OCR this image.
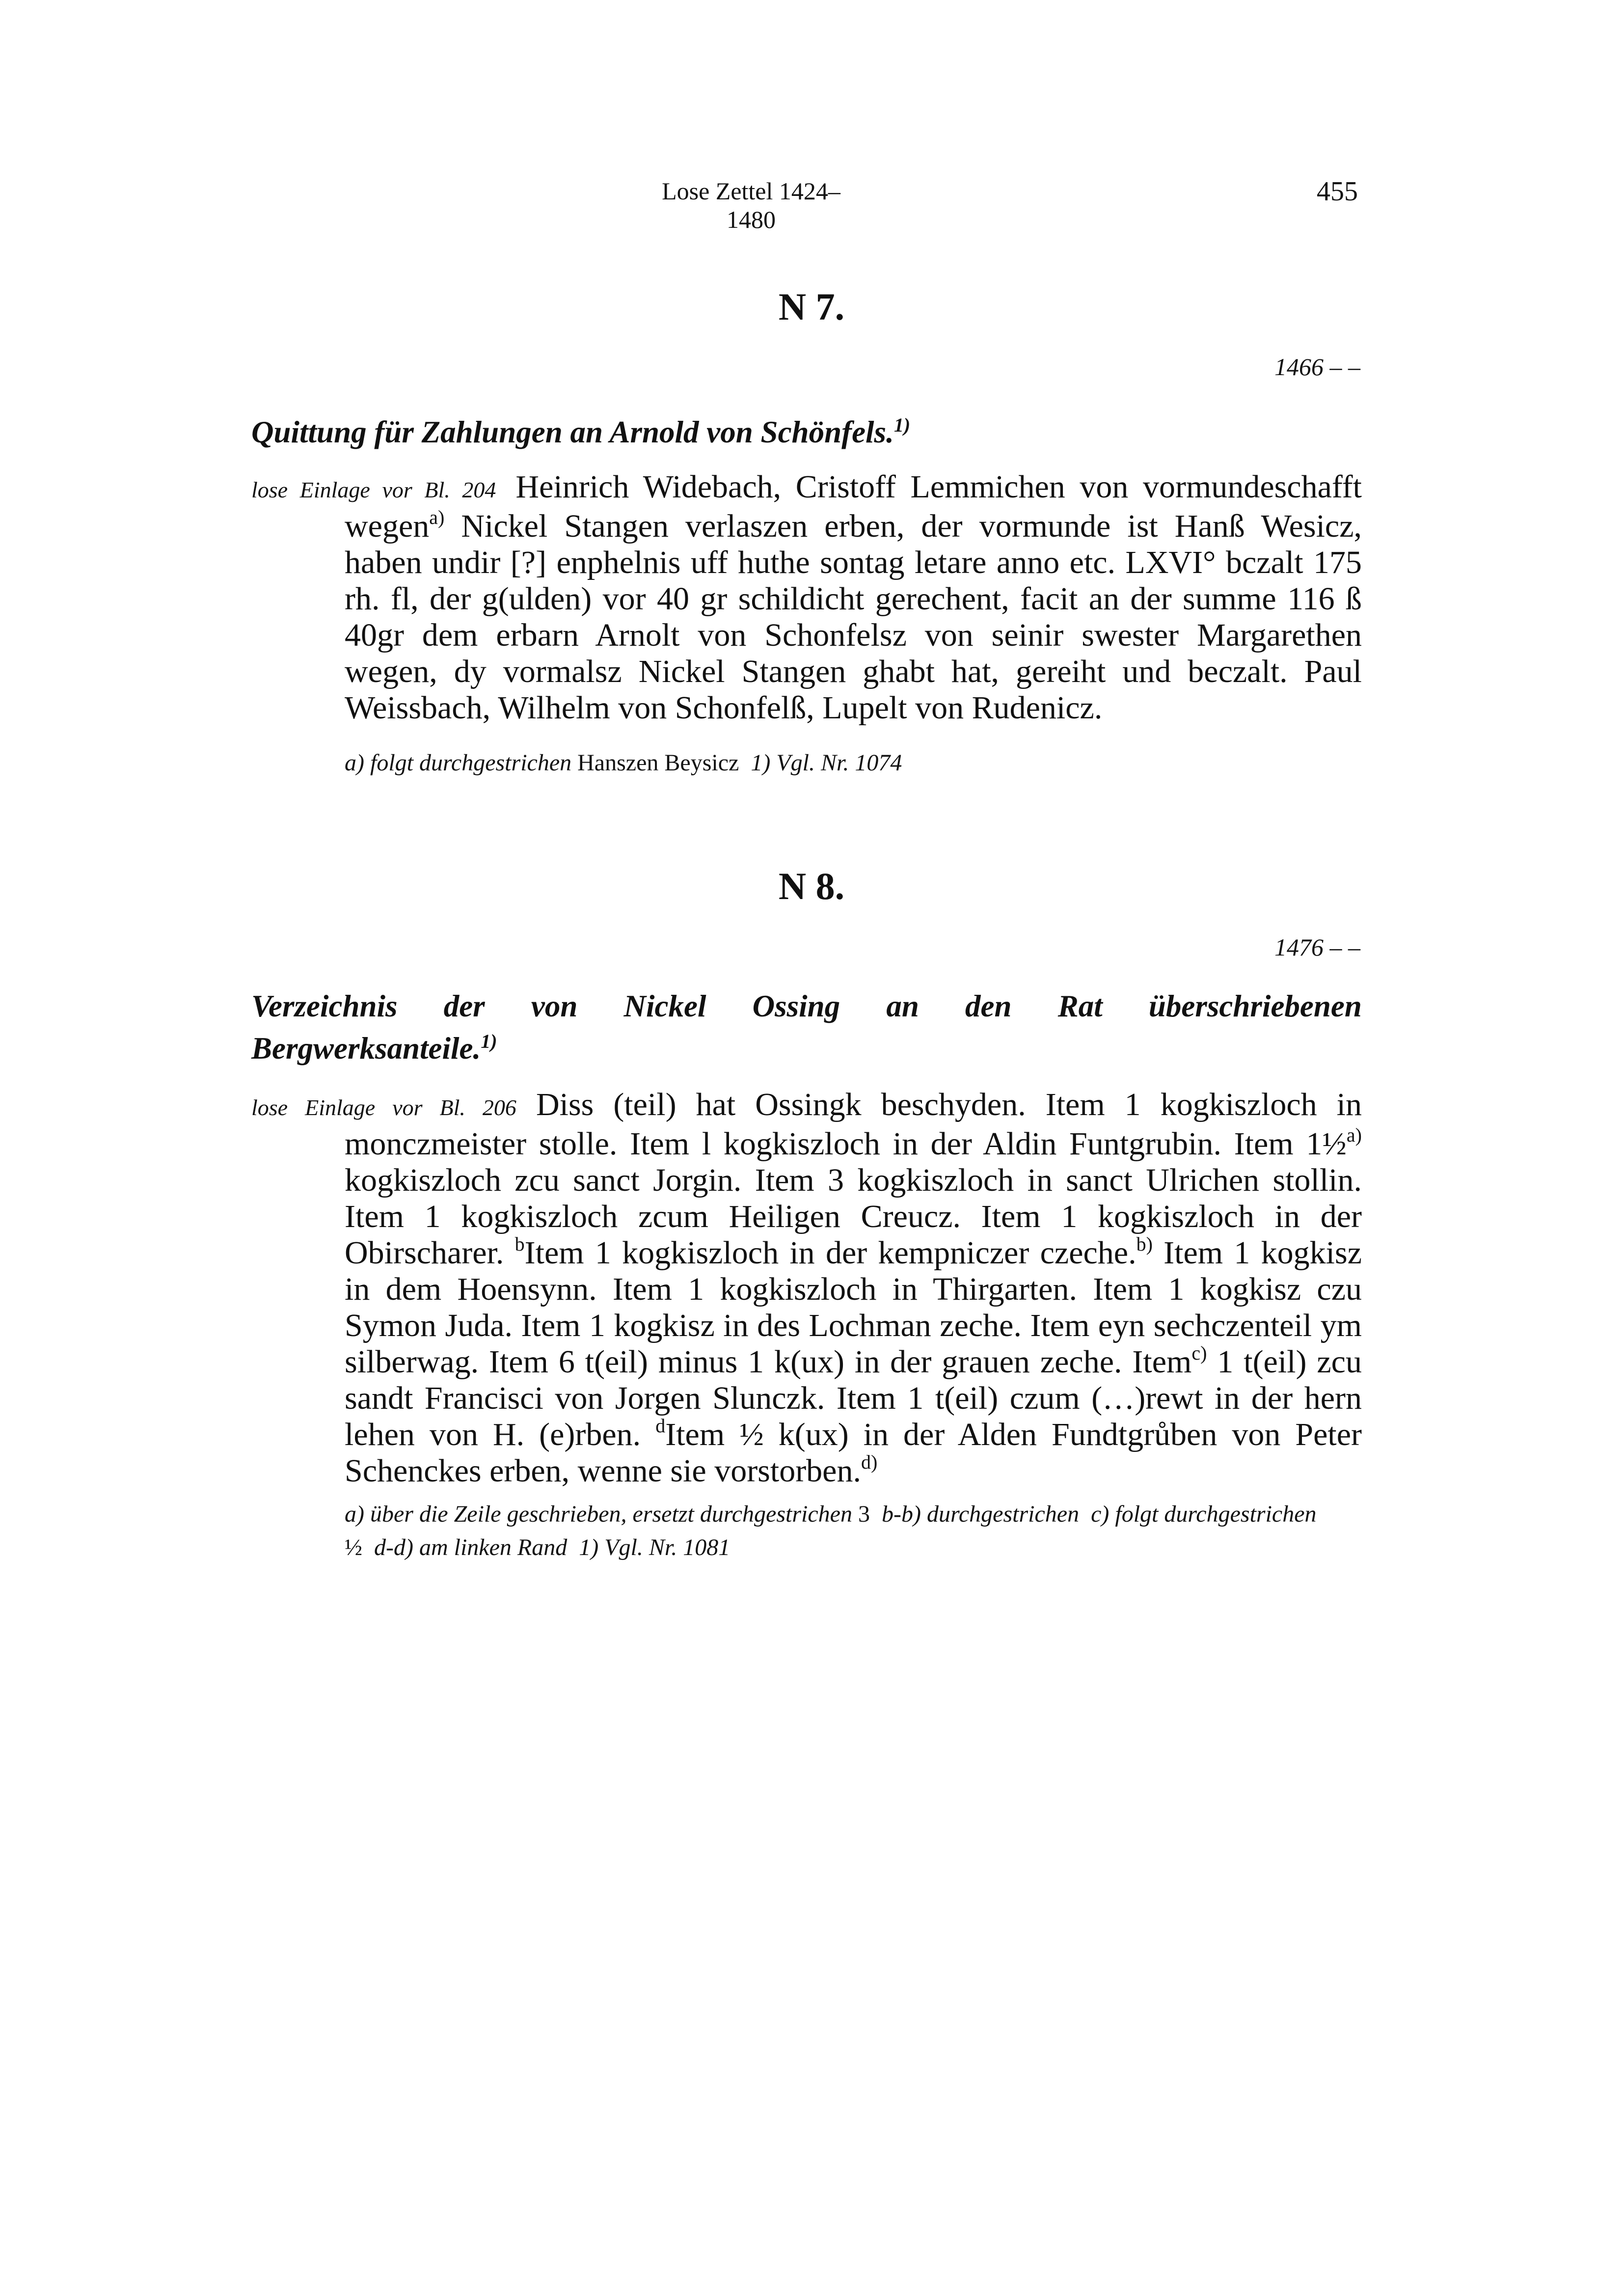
Lose Zettel 1424–1480
455
N 7.
1466 – –
Quittung für Zahlungen an Arnold von Schönfels.$^{1)}$
lose Einlage vor Bl. 204 Heinrich Widebach, Cristoff Lemmichen von vormundeschafft wegen$^{a)}$ Nickel Stangen verlaszen erben, der vormunde ist Hanß Wesicz, haben undir [?] enphelnis uff huthe sontag letare anno etc. LXVI° bczalt 175 rh. fl, der g(ulden) vor 40 gr schildicht gerechent, facit an der summe 116 ß 40gr dem erbarn Arnolt von Schonfelsz von seinir swester Margarethen wegen, dy vormalsz Nickel Stangen ghabt hat, gereiht und beczalt. Paul Weissbach, Wilhelm von Schonfelß, Lupelt von Rudenicz.
a) folgt durchgestrichen Hanszen Beysicz 1) Vgl. Nr. 1074
N 8.
1476 – –
Verzeichnis der von Nickel Ossing an den Rat überschriebenen
Bergwerksanteile.$^{1)}$
lose Einlage vor Bl. 206 Diss (teil) hat Ossingk beschyden. Item 1 kogkiszloch in monczmeister stolle. Item l kogkiszloch in der Aldin Funtgrubin. Item 1½$^{a)}$ kogkiszloch zcu sanct Jorgin. Item 3 kogkiszloch in sanct Ulrichen stollin. Item 1 kogkiszloch zcum Heiligen Creucz. Item 1 kogkiszloch in der Obirscharer. $^b$Item 1 kogkiszloch in der kempniczer czeche.$^{b)}$ Item 1 kogkisz in dem Hoensynn. Item 1 kogkiszloch in Thirgarten. Item 1 kogkisz czu Symon Juda. Item 1 kogkisz in des Lochman zeche. Item eyn sechczenteil ym silberwag. Item 6 t(eil) minus 1 k(ux) in der grauen zeche. Item$^{c)}$ 1 t(eil) zcu sandt Francisci von Jorgen Slunczk. Item 1 t(eil) czum (…)rewt in der hern lehen von H. (e)rben. $^d$Item ½ k(ux) in der Alden Fundtgrůben von Peter Schenckes erben, wenne sie vorstorben.$^{d)}$
a) über die Zeile geschrieben, ersetzt durchgestrichen 3 b-b) durchgestrichen c) folgt durchgestrichen ½ d-d) am linken Rand 1) Vgl. Nr. 1081
